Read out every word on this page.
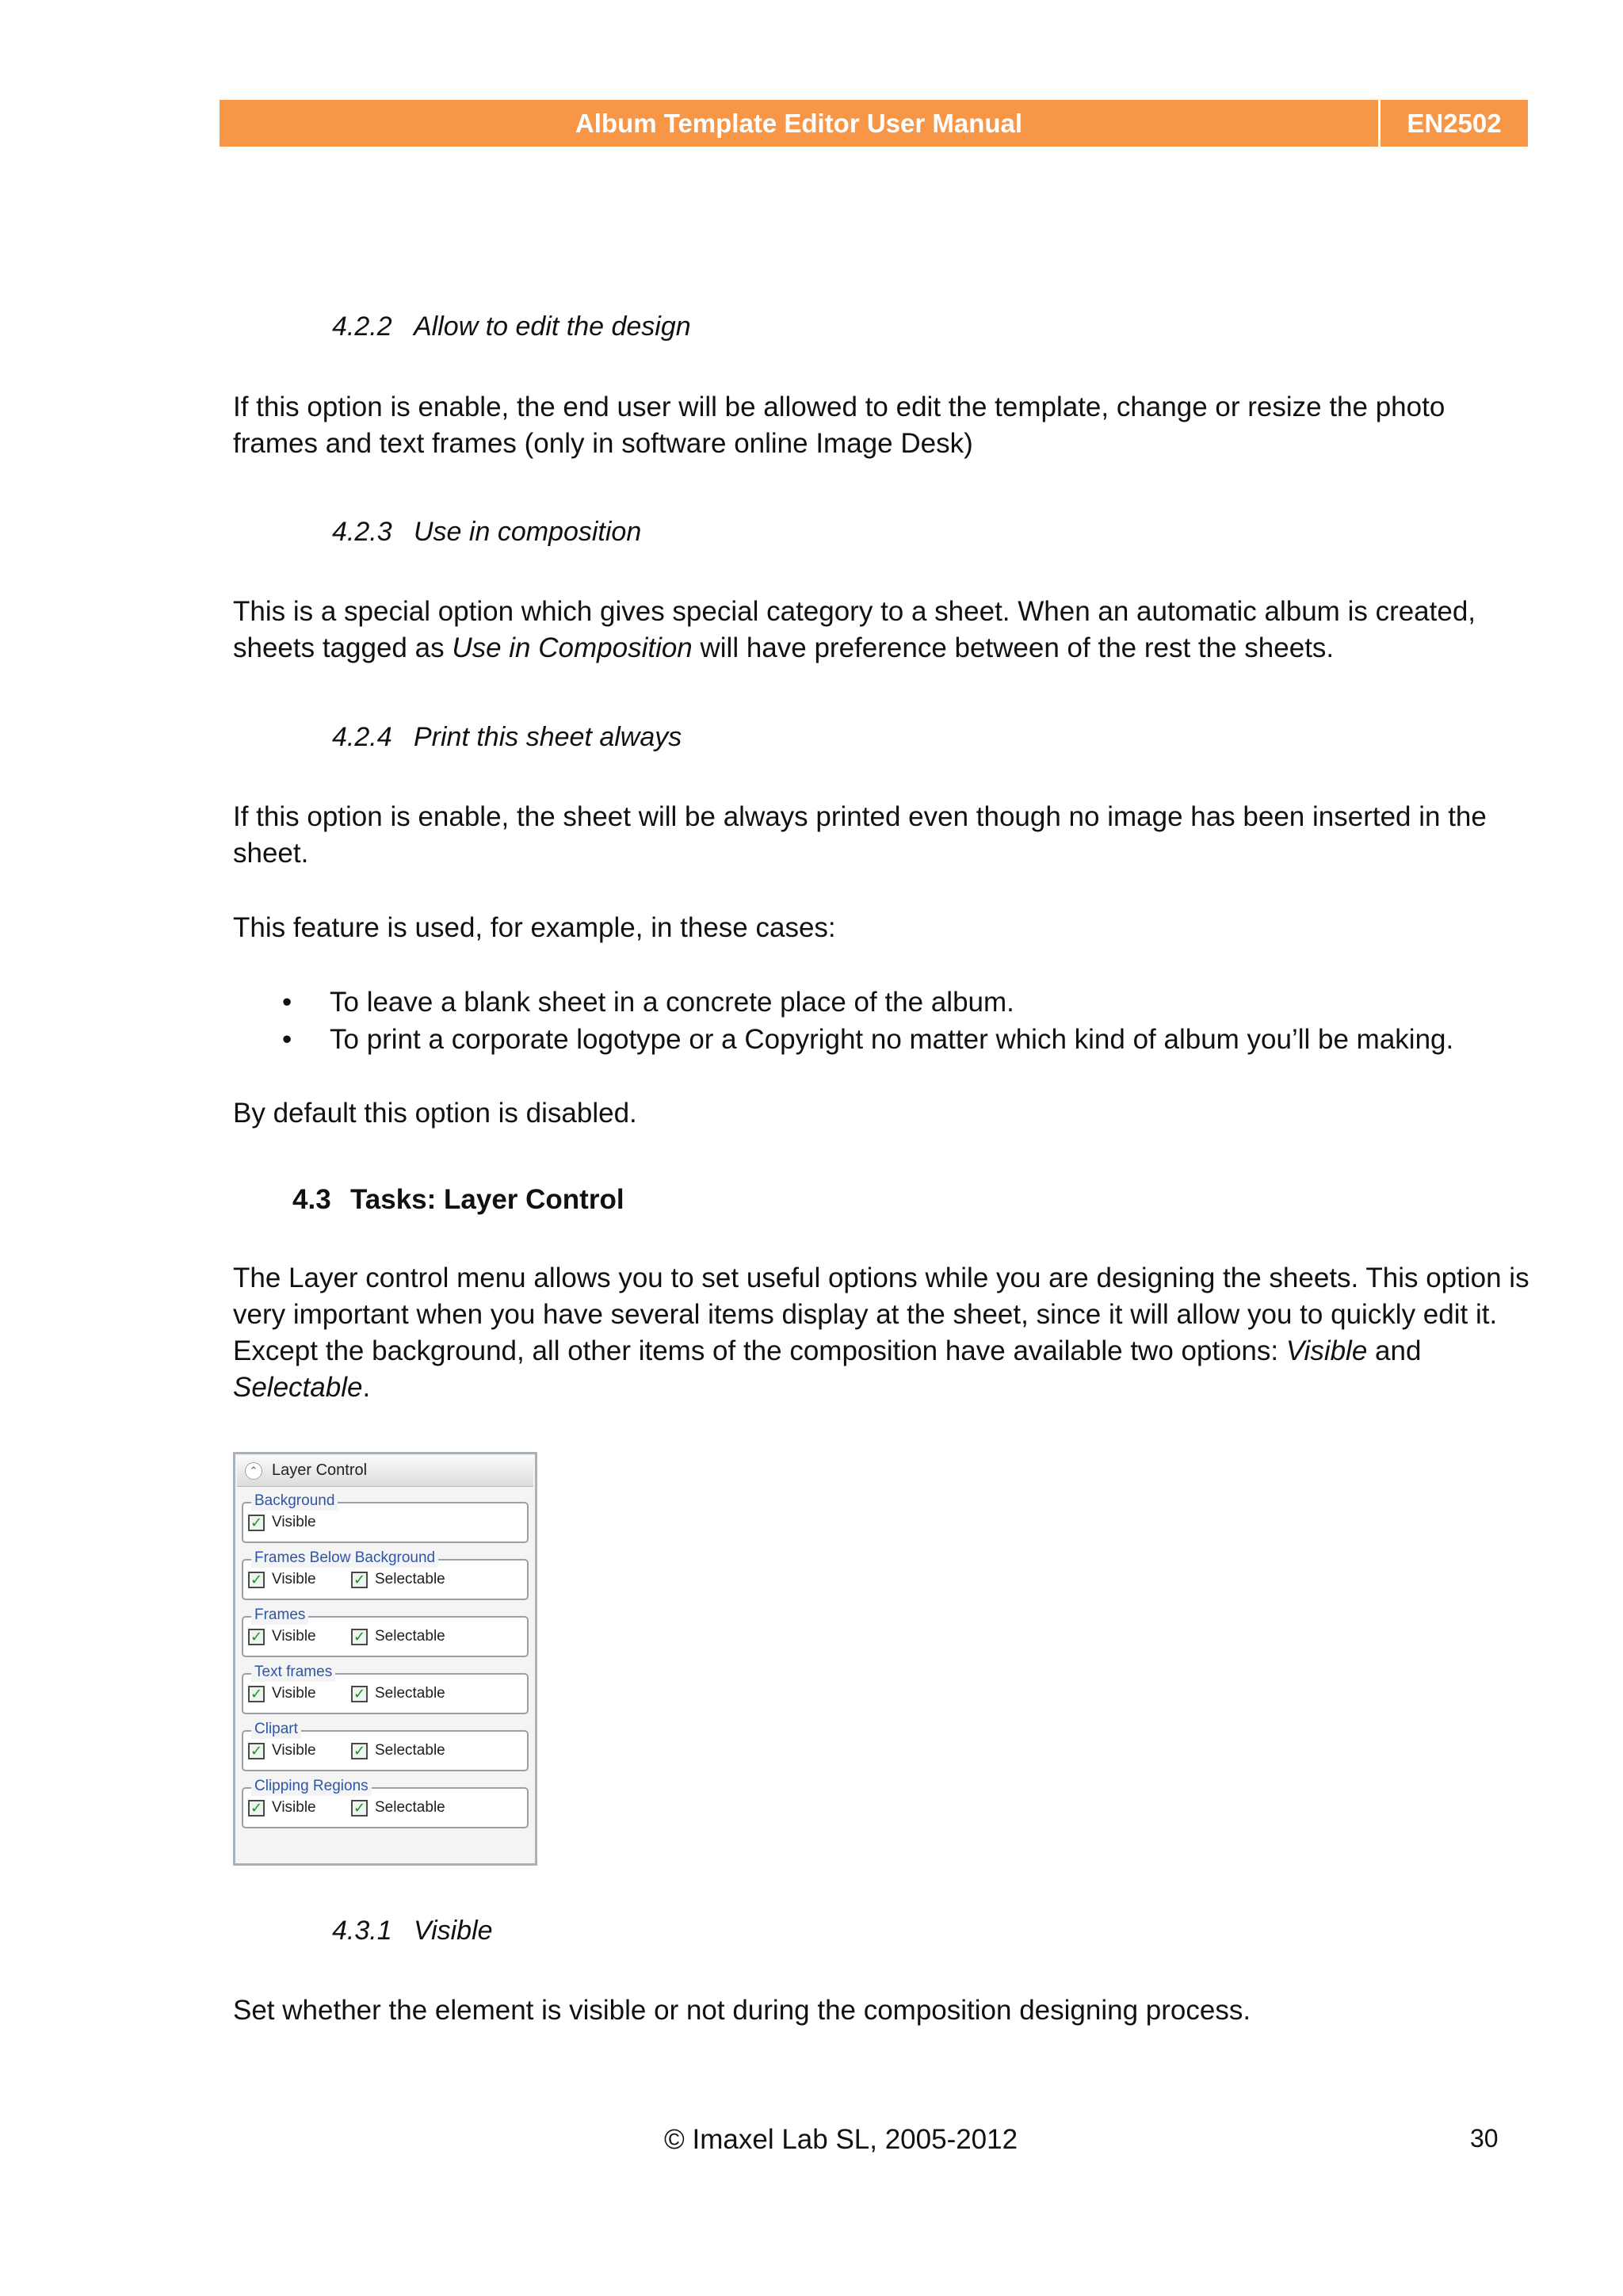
Album Template Editor User Manual	EN2502
4.2.2 Allow to edit the design

If this option is enable, the end user will be allowed to edit the template, change or resize the photo frames and text frames (only in software online Image Desk)

4.2.3 Use in composition

This is a special option which gives special category to a sheet. When an automatic album is created, sheets tagged as Use in Composition will have preference between of the rest the sheets.

4.2.4 Print this sheet always

If this option is enable, the sheet will be always printed even though no image has been inserted in the sheet.

This feature is used, for example, in these cases:

• To leave a blank sheet in a concrete place of the album.
• To print a corporate logotype or a Copyright no matter which kind of album you’ll be making.

By default this option is disabled.

4.3 Tasks: Layer Control

The Layer control menu allows you to set useful options while you are designing the sheets. This option is very important when you have several items display at the sheet, since it will allow you to quickly edit it. Except the background, all other items of the composition have available two options: Visible and Selectable.

⌃ Layer Control
Background
✓ Visible
Frames Below Background
✓ Visible	✓ Selectable
Frames
✓ Visible	✓ Selectable
Text frames
✓ Visible	✓ Selectable
Clipart
✓ Visible	✓ Selectable
Clipping Regions
✓ Visible	✓ Selectable
4.3.1 Visible

Set whether the element is visible or not during the composition designing process.

© Imaxel Lab SL, 2005-2012	30
